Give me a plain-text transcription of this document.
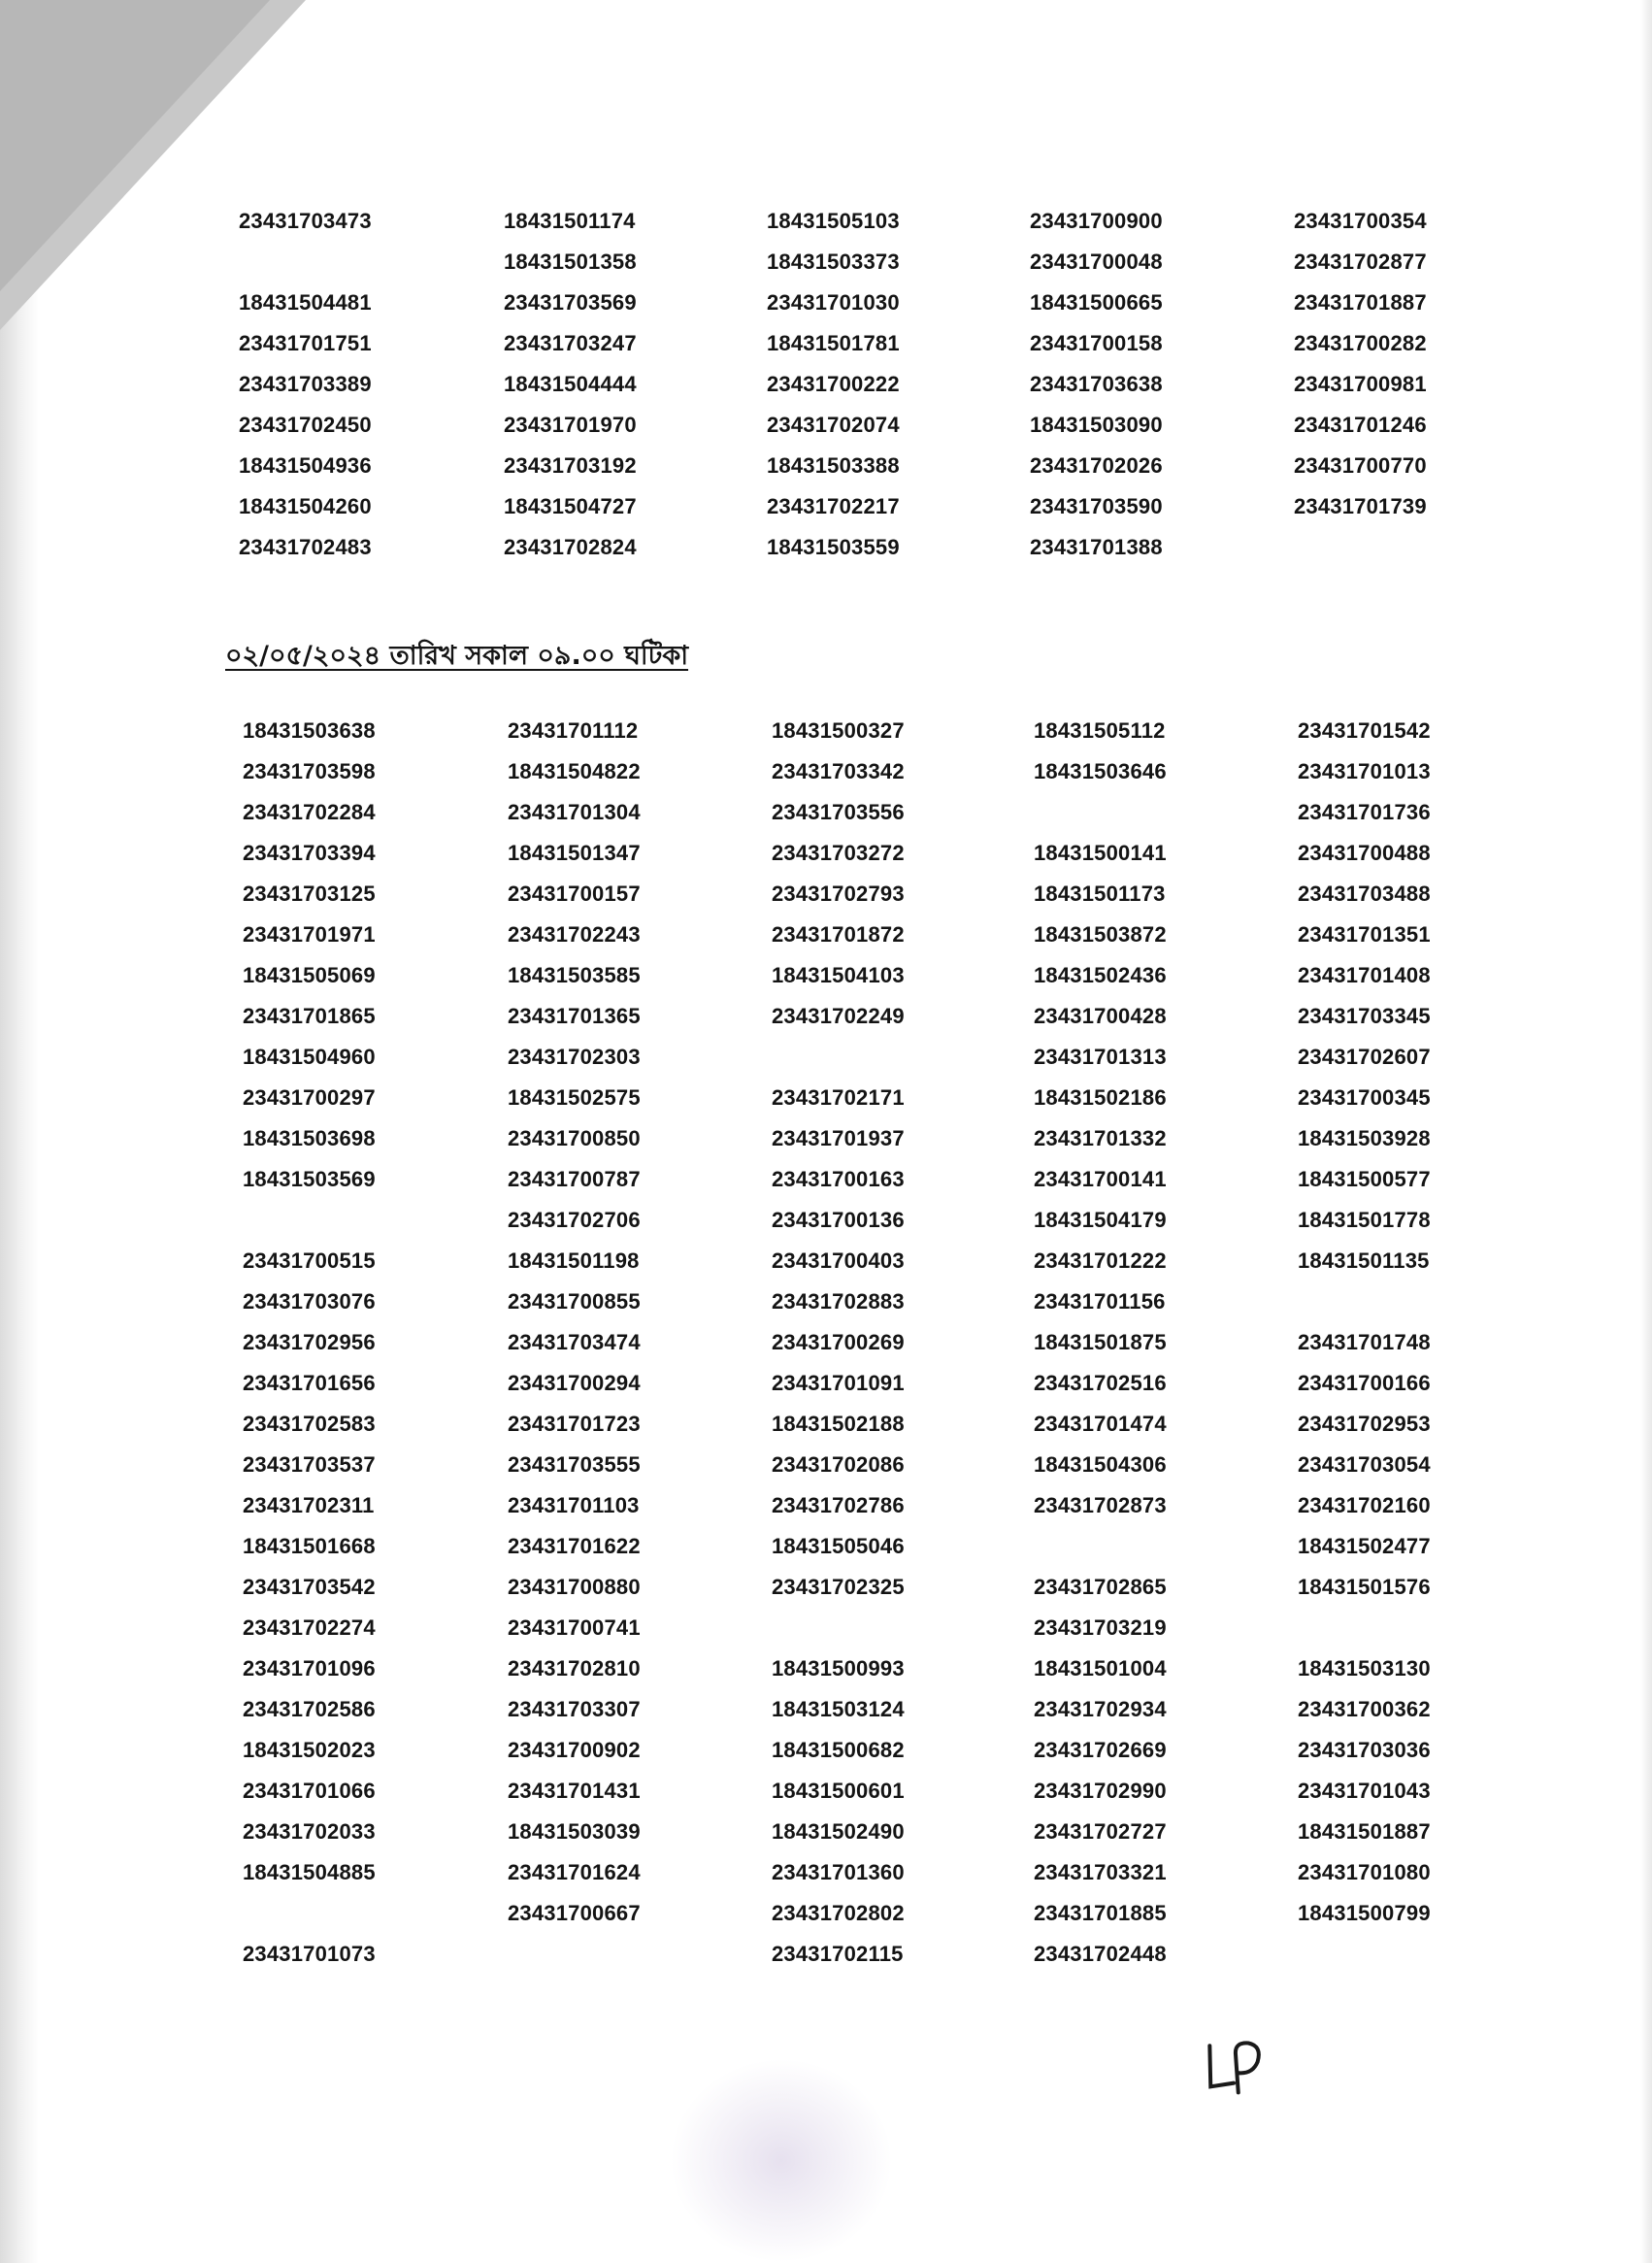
23431703473
18431504481
23431701751
23431703389
23431702450
18431504936
18431504260
23431702483
18431501174
18431501358
23431703569
23431703247
18431504444
23431701970
23431703192
18431504727
23431702824
18431505103
18431503373
23431701030
18431501781
23431700222
23431702074
18431503388
23431702217
18431503559
23431700900
23431700048
18431500665
23431700158
23431703638
18431503090
23431702026
23431703590
23431701388
23431700354
23431702877
23431701887
23431700282
23431700981
23431701246
23431700770
23431701739
০২/০৫/২০২৪ তারিখ সকাল ০৯.০০ ঘটিকা
18431503638
23431703598
23431702284
23431703394
23431703125
23431701971
18431505069
23431701865
18431504960
23431700297
18431503698
18431503569
23431700515
23431703076
23431702956
23431701656
23431702583
23431703537
23431702311
18431501668
23431703542
23431702274
23431701096
23431702586
18431502023
23431701066
23431702033
18431504885
23431701073
23431701112
18431504822
23431701304
18431501347
23431700157
23431702243
18431503585
23431701365
23431702303
18431502575
23431700850
23431700787
23431702706
18431501198
23431700855
23431703474
23431700294
23431701723
23431703555
23431701103
23431701622
23431700880
23431700741
23431702810
23431703307
23431700902
23431701431
18431503039
23431701624
23431700667
18431500327
23431703342
23431703556
23431703272
23431702793
23431701872
18431504103
23431702249
23431702171
23431701937
23431700163
23431700136
23431700403
23431702883
23431700269
23431701091
18431502188
23431702086
23431702786
18431505046
23431702325
18431500993
18431503124
18431500682
18431500601
18431502490
23431701360
23431702802
23431702115
18431505112
18431503646
18431500141
18431501173
18431503872
18431502436
23431700428
23431701313
18431502186
23431701332
23431700141
18431504179
23431701222
23431701156
18431501875
23431702516
23431701474
18431504306
23431702873
23431702865
23431703219
18431501004
23431702934
23431702669
23431702990
23431702727
23431703321
23431701885
23431702448
23431701542
23431701013
23431701736
23431700488
23431703488
23431701351
23431701408
23431703345
23431702607
23431700345
18431503928
18431500577
18431501778
18431501135
23431701748
23431700166
23431702953
23431703054
23431702160
18431502477
18431501576
18431503130
23431700362
23431703036
23431701043
18431501887
23431701080
18431500799
